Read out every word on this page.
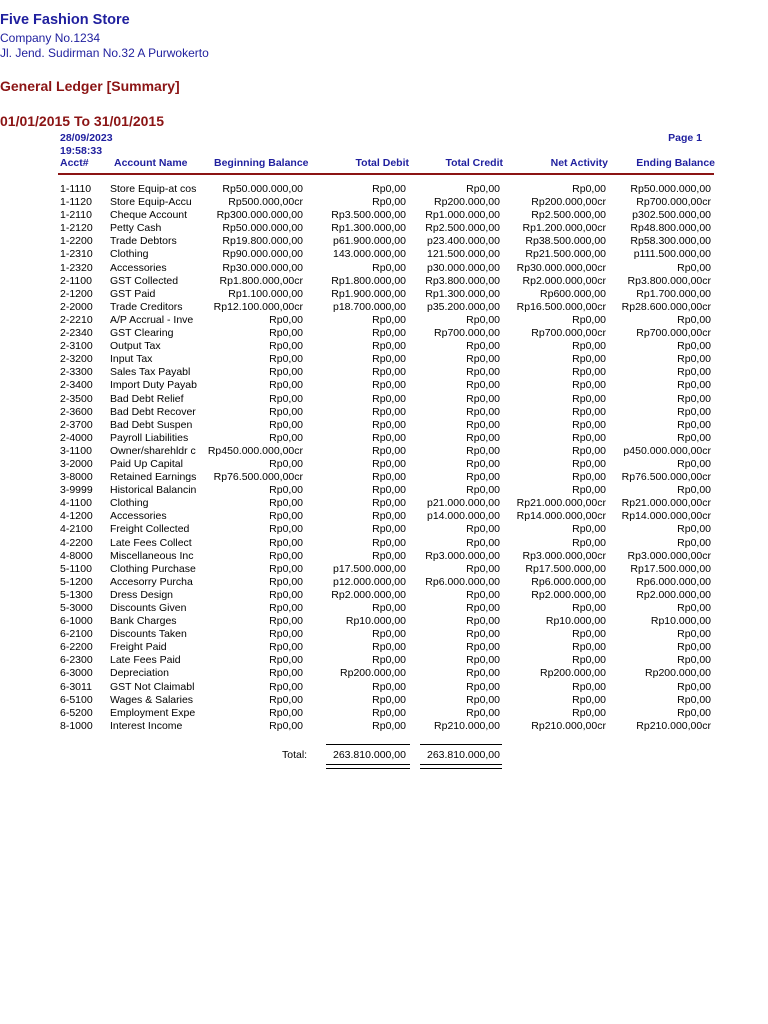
Five Fashion Store
Company No.1234
Jl. Jend. Sudirman No.32 A Purwokerto
General Ledger [Summary]
01/01/2015 To 31/01/2015
28/09/2023
19:58:33
Page 1
Acct# Account Name	Beginning Balance	Total Debit	Total Credit	Net Activity	Ending Balance
1-1110 Store Equip-at cos	Rp50.000.000,00	Rp0,00	Rp0,00	Rp0,00 Rp50.000.000,00
1-1120 Store Equip-Accu	Rp500.000,00cr	Rp0,00	Rp200.000,00	Rp200.000,00cr	Rp700.000,00cr
1-2110 Cheque Account	Rp300.000.000,00	Rp3.500.000,00 Rp1.000.000,00	Rp2.500.000,00 p302.500.000,00
1-2120 Petty Cash	Rp50.000.000,00	Rp1.300.000,00 Rp2.500.000,00 Rp1.200.000,00cr Rp48.800.000,00
1-2200 Trade Debtors	Rp19.800.000,00	p61.900.000,00 p23.400.000,00 Rp38.500.000,00 Rp58.300.000,00
1-2310 Clothing	Rp90.000.000,00	143.000.000,00 121.500.000,00 Rp21.500.000,00	p111.500.000,00
1-2320 Accessories	Rp30.000.000,00	Rp0,00 p30.000.000,00 Rp30.000.000,00cr	Rp0,00
2-1100 GST Collected	Rp1.800.000,00cr	Rp1.800.000,00 Rp3.800.000,00 Rp2.000.000,00cr Rp3.800.000,00cr
2-1200 GST Paid	Rp1.100.000,00	Rp1.900.000,00 Rp1.300.000,00	Rp600.000,00	Rp1.700.000,00
2-2000 Trade Creditors	Rp12.100.000,00cr	p18.700.000,00 p35.200.000,00 Rp16.500.000,00cr Rp28.600.000,00cr
2-2210 A/P Accrual - Inve	Rp0,00	Rp0,00	Rp0,00	Rp0,00	Rp0,00
2-2340 GST Clearing	Rp0,00	Rp0,00	Rp700.000,00	Rp700.000,00cr	Rp700.000,00cr
2-3100 Output Tax	Rp0,00	Rp0,00	Rp0,00	Rp0,00	Rp0,00
2-3200 Input Tax	Rp0,00	Rp0,00	Rp0,00	Rp0,00	Rp0,00
2-3300 Sales Tax Payabl	Rp0,00	Rp0,00	Rp0,00	Rp0,00	Rp0,00
2-3400 Import Duty Payab	Rp0,00	Rp0,00	Rp0,00	Rp0,00	Rp0,00
2-3500 Bad Debt Relief	Rp0,00	Rp0,00	Rp0,00	Rp0,00	Rp0,00
2-3600 Bad Debt Recover	Rp0,00	Rp0,00	Rp0,00	Rp0,00	Rp0,00
2-3700 Bad Debt Suspen	Rp0,00	Rp0,00	Rp0,00	Rp0,00	Rp0,00
2-4000 Payroll Liabilities	Rp0,00	Rp0,00	Rp0,00	Rp0,00	Rp0,00
3-1100 Owner/sharehldr c	Rp450.000.000,00cr	Rp0,00	Rp0,00	Rp0,00 p450.000.000,00cr
3-2000 Paid Up Capital	Rp0,00	Rp0,00	Rp0,00	Rp0,00	Rp0,00
3-8000 Retained Earnings	Rp76.500.000,00cr	Rp0,00	Rp0,00	Rp0,00 Rp76.500.000,00cr
3-9999 Historical Balancin	Rp0,00	Rp0,00	Rp0,00	Rp0,00	Rp0,00
4-1100 Clothing	Rp0,00	Rp0,00 p21.000.000,00 Rp21.000.000,00cr Rp21.000.000,00cr
4-1200 Accessories	Rp0,00	Rp0,00 p14.000.000,00 Rp14.000.000,00cr Rp14.000.000,00cr
4-2100 Freight Collected	Rp0,00	Rp0,00	Rp0,00	Rp0,00	Rp0,00
4-2200 Late Fees Collect	Rp0,00	Rp0,00	Rp0,00	Rp0,00	Rp0,00
4-8000 Miscellaneous Inc	Rp0,00	Rp0,00 Rp3.000.000,00 Rp3.000.000,00cr Rp3.000.000,00cr
5-1100 Clothing Purchase	Rp0,00	p17.500.000,00	Rp0,00 Rp17.500.000,00 Rp17.500.000,00
5-1200 Accesorry Purcha	Rp0,00	p12.000.000,00 Rp6.000.000,00	Rp6.000.000,00	Rp6.000.000,00
5-1300 Dress Design	Rp0,00	Rp2.000.000,00	Rp0,00	Rp2.000.000,00	Rp2.000.000,00
5-3000 Discounts Given	Rp0,00	Rp0,00	Rp0,00	Rp0,00	Rp0,00
6-1000 Bank Charges	Rp0,00	Rp10.000,00	Rp0,00	Rp10.000,00	Rp10.000,00
6-2100 Discounts Taken	Rp0,00	Rp0,00	Rp0,00	Rp0,00	Rp0,00
6-2200 Freight Paid	Rp0,00	Rp0,00	Rp0,00	Rp0,00	Rp0,00
6-2300 Late Fees Paid	Rp0,00	Rp0,00	Rp0,00	Rp0,00	Rp0,00
6-3000 Depreciation	Rp0,00	Rp200.000,00	Rp0,00	Rp200.000,00	Rp200.000,00
6-3011 GST Not Claimabl	Rp0,00	Rp0,00	Rp0,00	Rp0,00	Rp0,00
6-5100 Wages & Salaries	Rp0,00	Rp0,00	Rp0,00	Rp0,00	Rp0,00
6-5200 Employment Expe	Rp0,00	Rp0,00	Rp0,00	Rp0,00	Rp0,00
8-1000 Interest Income	Rp0,00	Rp0,00	Rp210.000,00	Rp210.000,00cr	Rp210.000,00cr
Total: 263.810.000,00 263.810.000,00
